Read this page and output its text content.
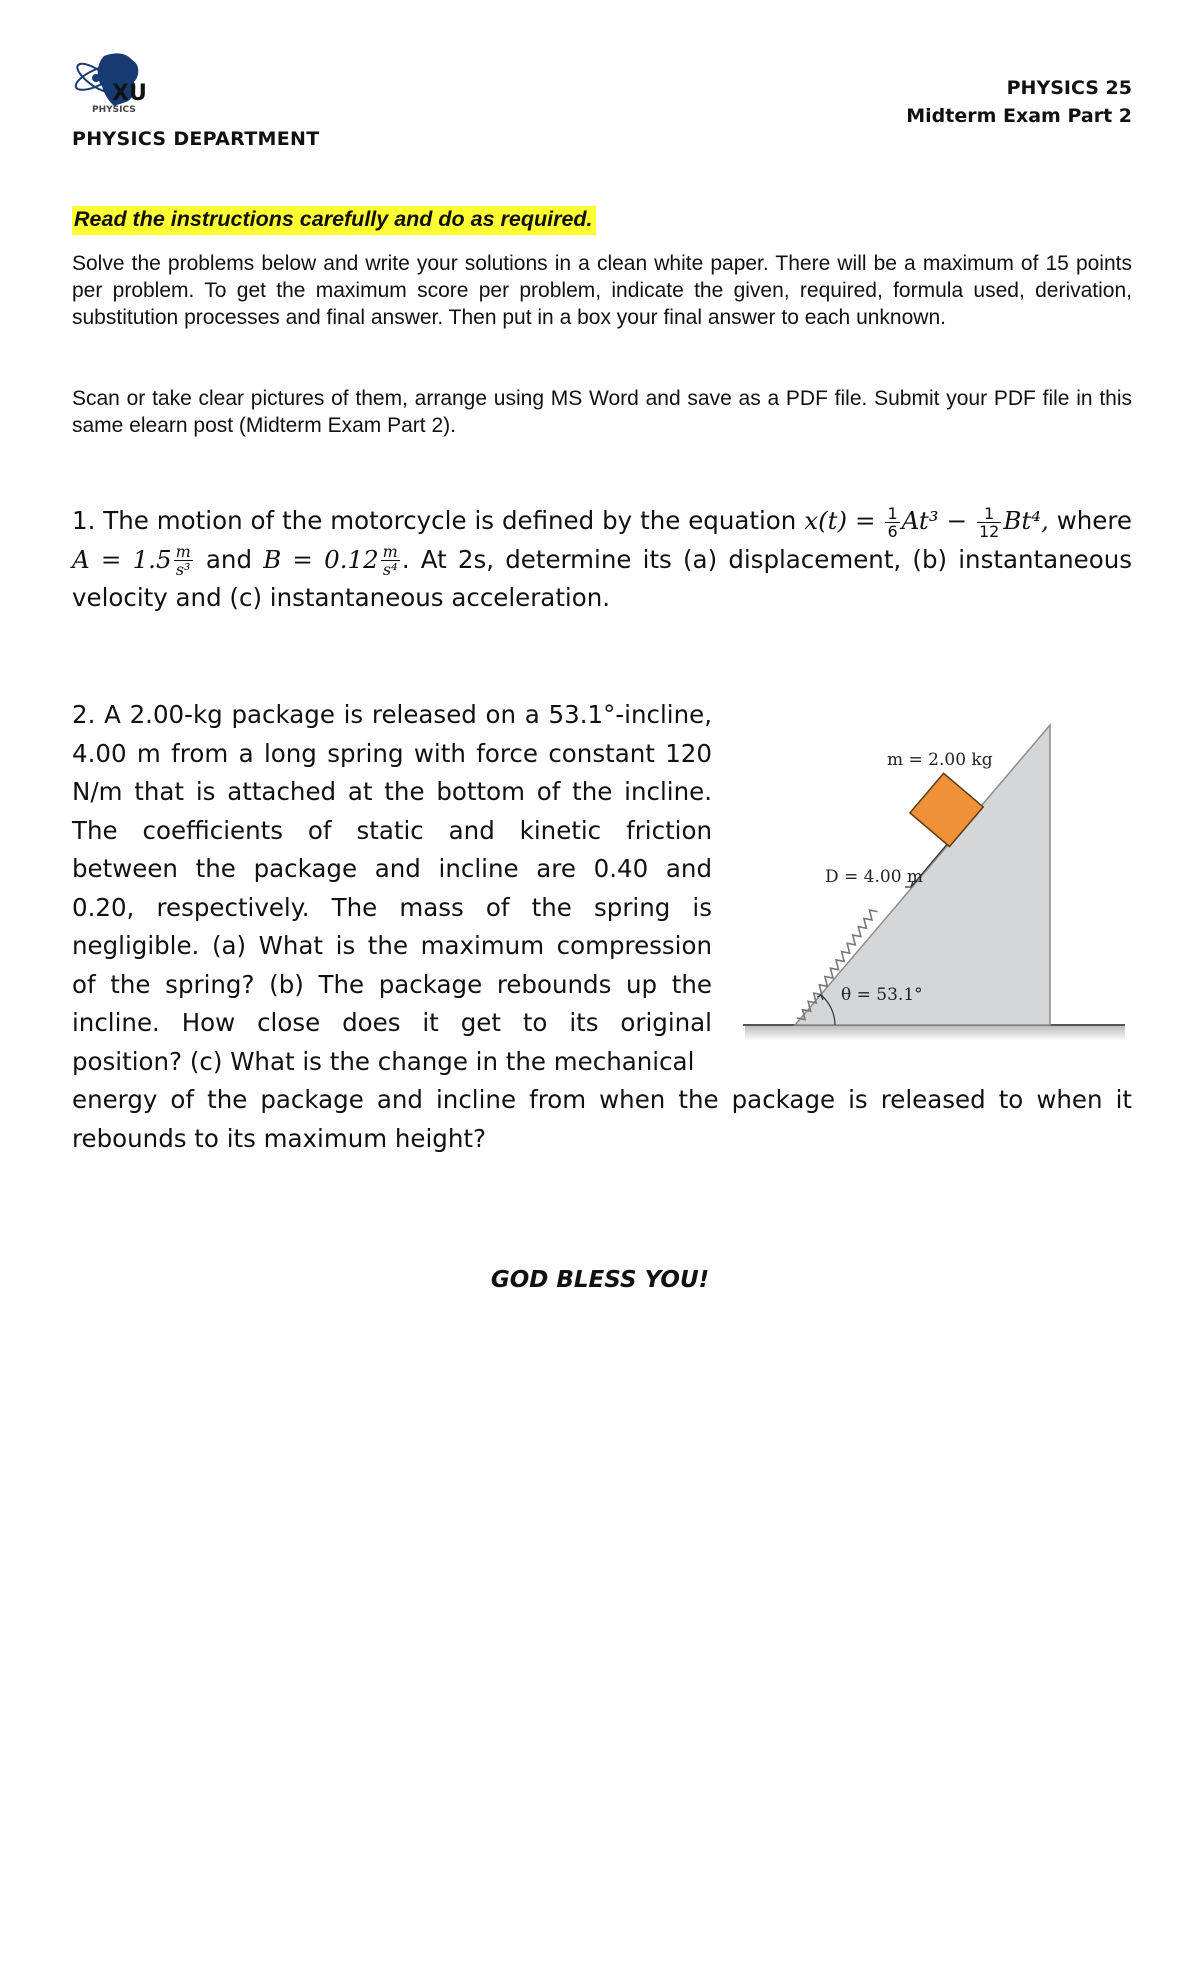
XU
PHYSICS
PHYSICS DEPARTMENT
PHYSICS 25
Midterm Exam Part 2
Read the instructions carefully and do as required.
Solve the problems below and write your solutions in a clean white paper. There will be a maximum of 15 points per problem. To get the maximum score per problem, indicate the given, required, formula used, derivation, substitution processes and final answer. Then put in a box your final answer to each unknown.
Scan or take clear pictures of them, arrange using MS Word and save as a PDF file. Submit your PDF file in this same elearn post (Midterm Exam Part 2).
1. The motion of the motorcycle is defined by the equation $x(t) = \frac{1}{6} At^3 - \frac{1}{12} Bt^4$, where $A = 1.5 \frac{m}{\text{s³}}$ and $B = 0.12 \frac{m}{\text{s⁴}}$ . At 2s, determine its (a) displacement, (b) instantaneous velocity and (c) instantaneous acceleration.
2. A 2.00-kg package is released on a 53.1°-incline, 4.00 m from a long spring with force constant 120 N/m that is attached at the bottom of the incline. The coefficients of static and kinetic friction between the package and incline are 0.40 and 0.20, respectively. The mass of the spring is negligible. (a) What is the maximum compression of the spring? (b) The package rebounds up the incline. How close does it get to its original position? (c) What is the change in the mechanical
energy of the package and incline from when the package is released to when it rebounds to its maximum height?
m = 2.00 kg
D = 4.00 m
θ = 53.1°
GOD BLESS YOU!
